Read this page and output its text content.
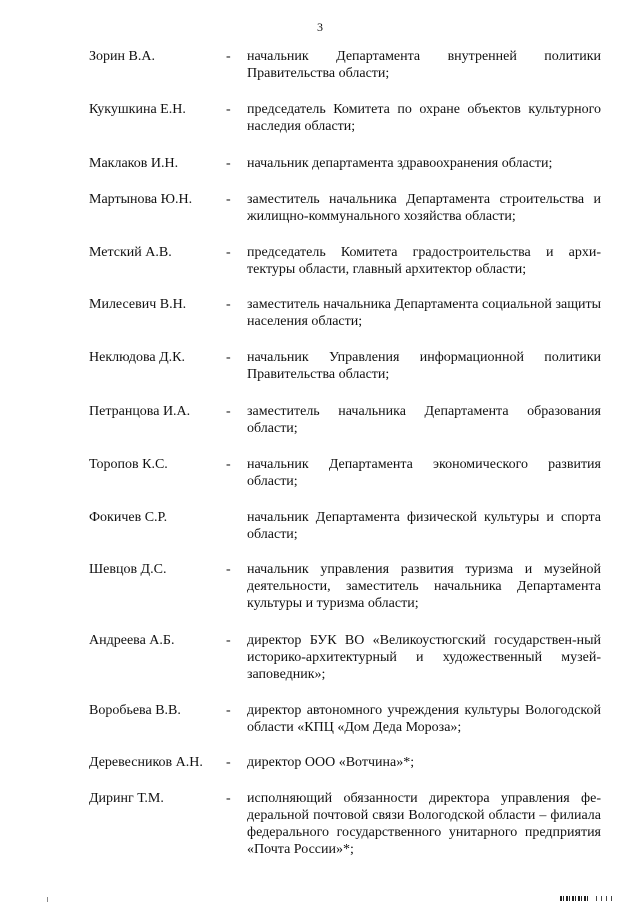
3
Зорин В.А.	- начальник Департамента внутренней политики Правительства области;
Кукушкина Е.Н.	- председатель Комитета по охране объектов культурного наследия области;
Маклаков И.Н.	- начальник департамента здравоохранения области;
Мартынова Ю.Н. - заместитель начальника Департамента строительства и жилищно-коммунального хозяйства области;
Метский А.В.	- председатель Комитета градостроительства и архи-тектуры области, главный архитектор области;
Милесевич В.Н.	- заместитель начальника Департамента социальной защиты населения области;
Неклюдова Д.К.	- начальник Управления информационной политики Правительства области;
Петранцова И.А.	- заместитель начальника Департамента образования области;
Торопов К.С.	- начальник Департамента экономического развития области;
Фокичев С.Р.	начальник Департамента физической культуры и спорта области;
Шевцов Д.С.	- начальник управления развития туризма и музейной деятельности, заместитель начальника Департамента культуры и туризма области;
Андреева А.Б.	- директор БУК ВО «Великоустюгский государствен-ный историко-архитектурный и художественный музей-заповедник»;
Воробьева В.В.	- директор автономного учреждения культуры Вологодской области «КПЦ «Дом Деда Мороза»;
Деревесников А.Н. - директор ООО «Вотчина»*;
Диринг Т.М.	- исполняющий обязанности директора управления фе-деральной почтовой связи Вологодской области – филиала федерального государственного унитарного предприятия «Почта России»*;
